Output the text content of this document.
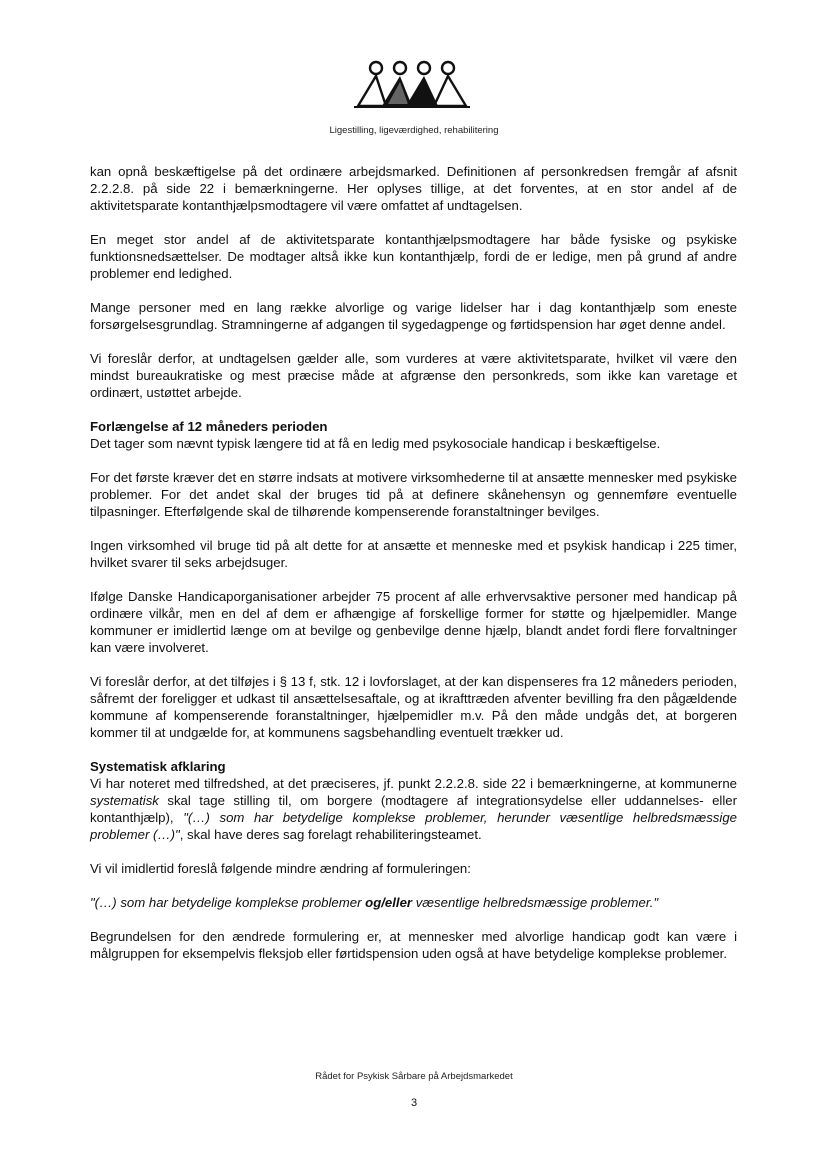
Ligestilling, ligeværdighed, rehabilitering

kan opnå beskæftigelse på det ordinære arbejdsmarked. Definitionen af personkredsen fremgår af afsnit 2.2.2.8. på side 22 i bemærkningerne. Her oplyses tillige, at det forventes, at en stor andel af de aktivitetsparate kontanthjælpsmodtagere vil være omfattet af undtagelsen.

En meget stor andel af de aktivitetsparate kontanthjælpsmodtagere har både fysiske og psykiske funktionsnedsættelser. De modtager altså ikke kun kontanthjælp, fordi de er ledige, men på grund af andre problemer end ledighed.

Mange personer med en lang række alvorlige og varige lidelser har i dag kontanthjælp som eneste forsørgelsesgrundlag. Stramningerne af adgangen til sygedagpenge og førtidspension har øget denne andel.

Vi foreslår derfor, at undtagelsen gælder alle, som vurderes at være aktivitetsparate, hvilket vil være den mindst bureaukratiske og mest præcise måde at afgrænse den personkreds, som ikke kan varetage et ordinært, ustøttet arbejde.

Forlængelse af 12 måneders perioden

Det tager som nævnt typisk længere tid at få en ledig med psykosociale handicap i beskæftigelse.

For det første kræver det en større indsats at motivere virksomhederne til at ansætte mennesker med psykiske problemer. For det andet skal der bruges tid på at definere skånehensyn og gennemføre eventuelle tilpasninger. Efterfølgende skal de tilhørende kompenserende foranstaltninger bevilges.

Ingen virksomhed vil bruge tid på alt dette for at ansætte et menneske med et psykisk handicap i 225 timer, hvilket svarer til seks arbejdsuger.

Ifølge Danske Handicaporganisationer arbejder 75 procent af alle erhvervsaktive personer med handicap på ordinære vilkår, men en del af dem er afhængige af forskellige former for støtte og hjælpemidler. Mange kommuner er imidlertid længe om at bevilge og genbevilge denne hjælp, blandt andet fordi flere forvaltninger kan være involveret.

Vi foreslår derfor, at det tilføjes i § 13 f, stk. 12 i lovforslaget, at der kan dispenseres fra 12 måneders perioden, såfremt der foreligger et udkast til ansættelsesaftale, og at ikrafttræden afventer bevilling fra den pågældende kommune af kompenserende foranstaltninger, hjælpemidler m.v. På den måde undgås det, at borgeren kommer til at undgælde for, at kommunens sagsbehandling eventuelt trækker ud.

Systematisk afklaring

Vi har noteret med tilfredshed, at det præciseres, jf. punkt 2.2.2.8. side 22 i bemærkningerne, at kommunerne systematisk skal tage stilling til, om borgere (modtagere af integrationsydelse eller uddannelses- eller kontanthjælp), "(…) som har betydelige komplekse problemer, herunder væsentlige helbredsmæssige problemer (…)", skal have deres sag forelagt rehabiliteringsteamet.

Vi vil imidlertid foreslå følgende mindre ændring af formuleringen:

"(…) som har betydelige komplekse problemer og/eller væsentlige helbredsmæssige problemer."

Begrundelsen for den ændrede formulering er, at mennesker med alvorlige handicap godt kan være i målgruppen for eksempelvis fleksjob eller førtidspension uden også at have betydelige komplekse problemer.

Rådet for Psykisk Sårbare på Arbejdsmarkedet
3
